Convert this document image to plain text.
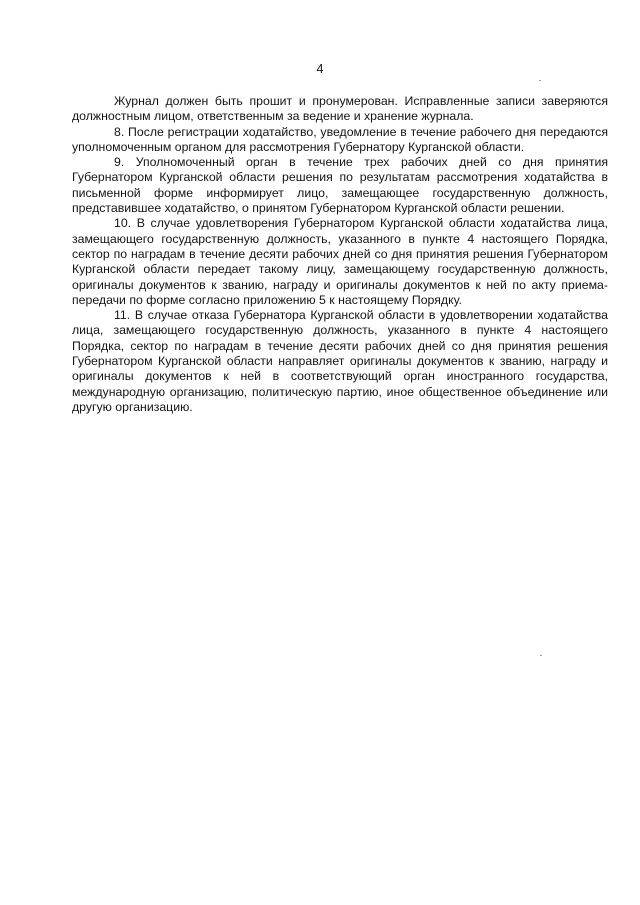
4

Журнал должен быть прошит и пронумерован. Исправленные записи заверяются должностным лицом, ответственным за ведение и хранение журнала.

8. После регистрации ходатайство, уведомление в течение рабочего дня передаются уполномоченным органом для рассмотрения Губернатору Курганской области.

9. Уполномоченный орган в течение трех рабочих дней со дня принятия Губернатором Курганской области решения по результатам рассмотрения ходатайства в письменной форме информирует лицо, замещающее государственную должность, представившее ходатайство, о принятом Губернатором Курганской области решении.

10. В случае удовлетворения Губернатором Курганской области ходатайства лица, замещающего государственную должность, указанного в пункте 4 настоящего Порядка, сектор по наградам в течение десяти рабочих дней со дня принятия решения Губернатором Курганской области передает такому лицу, замещающему государственную должность, оригиналы документов к званию, награду и оригиналы документов к ней по акту приема-передачи по форме согласно приложению 5 к настоящему Порядку.

11. В случае отказа Губернатора Курганской области в удовлетворении ходатайства лица, замещающего государственную должность, указанного в пункте 4 настоящего Порядка, сектор по наградам в течение десяти рабочих дней со дня принятия решения Губернатором Курганской области направляет оригиналы документов к званию, награду и оригиналы документов к ней в соответствующий орган иностранного государства, международную организацию, политическую партию, иное общественное объединение или другую организацию.
